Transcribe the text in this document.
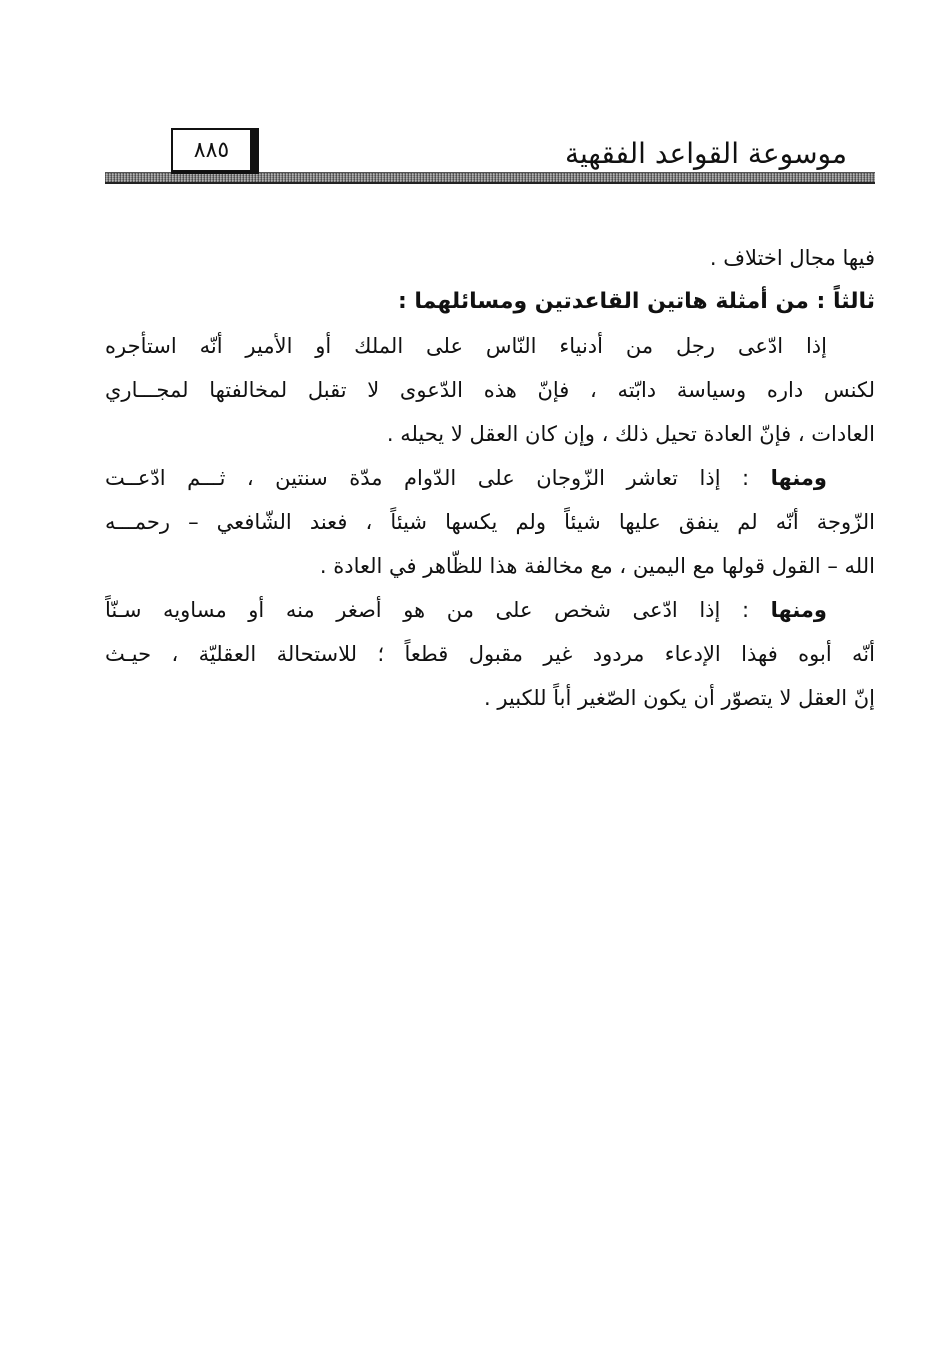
موسوعة القواعد الفقهية
٨٨٥
فيها مجال اختلاف .
ثالثاً : من أمثلة هاتين القاعدتين ومسائلهما :
إذا ادّعى رجل من أدنياء النّاس على الملك أو الأمير أنّه استأجره
لكنس داره وسياسة دابّته ، فإنّ هذه الدّعوى لا تقبل لمخالفتها لمجـــاري
العادات ، فإنّ العادة تحيل ذلك ، وإن كان العقل لا يحيله .
ومنها : إذا تعاشر الزّوجان على الدّوام مدّة سنتين ، ثـــم ادّعــت
الزّوجة أنّه لم ينفق عليها شيئاً ولم يكسها شيئاً ، فعند الشّافعي – رحمـــه
الله – القول قولها مع اليمين ، مع مخالفة هذا للظّاهر في العادة .
ومنها : إذا ادّعى شخص على من هو أصغر منه أو مساويه سـنّاً
أنّه أبوه فهذا الإدعاء مردود غير مقبول قطعاً ؛ للاستحالة العقليّة ، حيـث
إنّ العقل لا يتصوّر أن يكون الصّغير أباً للكبير .
